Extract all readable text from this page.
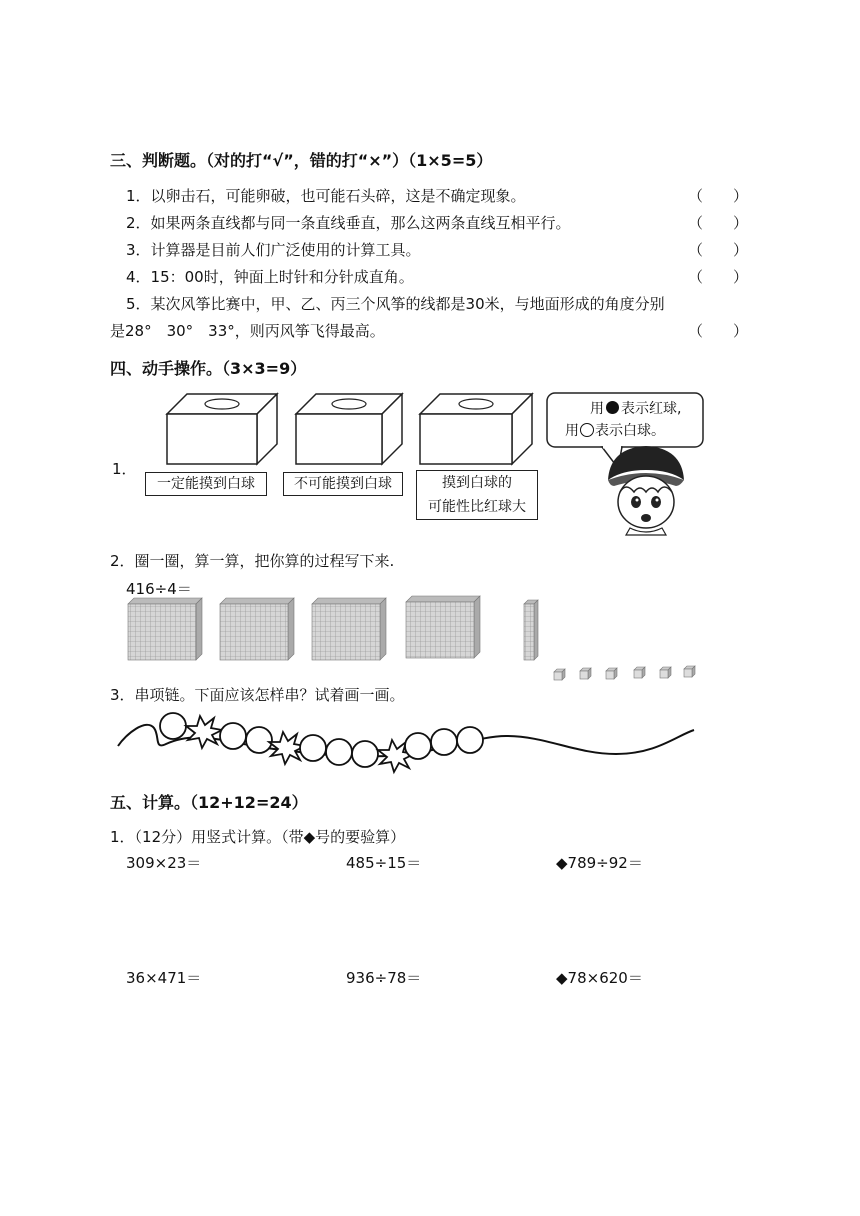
三、判断题。（对的打“√”，错的打“×”）（1×5=5）
1．以卵击石，可能卵破，也可能石头碎，这是不确定现象。	（　　）
2．如果两条直线都与同一条直线垂直，那么这两条直线互相平行。	（　　）
3．计算器是目前人们广泛使用的计算工具。	（　　）
4．15：00时，钟面上时针和分针成直角。	（　　）
5．某次风筝比赛中，甲、乙、丙三个风筝的线都是30米，与地面形成的角度分别
是28°　30°　33°，则丙风筝飞得最高。	（　　）
四、动手操作。（3×3=9）
1．
一定能摸到白球	不可能摸到白球	摸到白球的
可能性比红球大
用 表示红球,
用 表示白球。
2．圈一圈，算一算，把你算的过程写下来.
416÷4＝
3．串项链。下面应该怎样串？试着画一画。
五、计算。（12+12=24）
1．（12分）用竖式计算。（带◆号的要验算）
309×23＝	485÷15＝	◆789÷92＝
36×471＝	936÷78＝	◆78×620＝
